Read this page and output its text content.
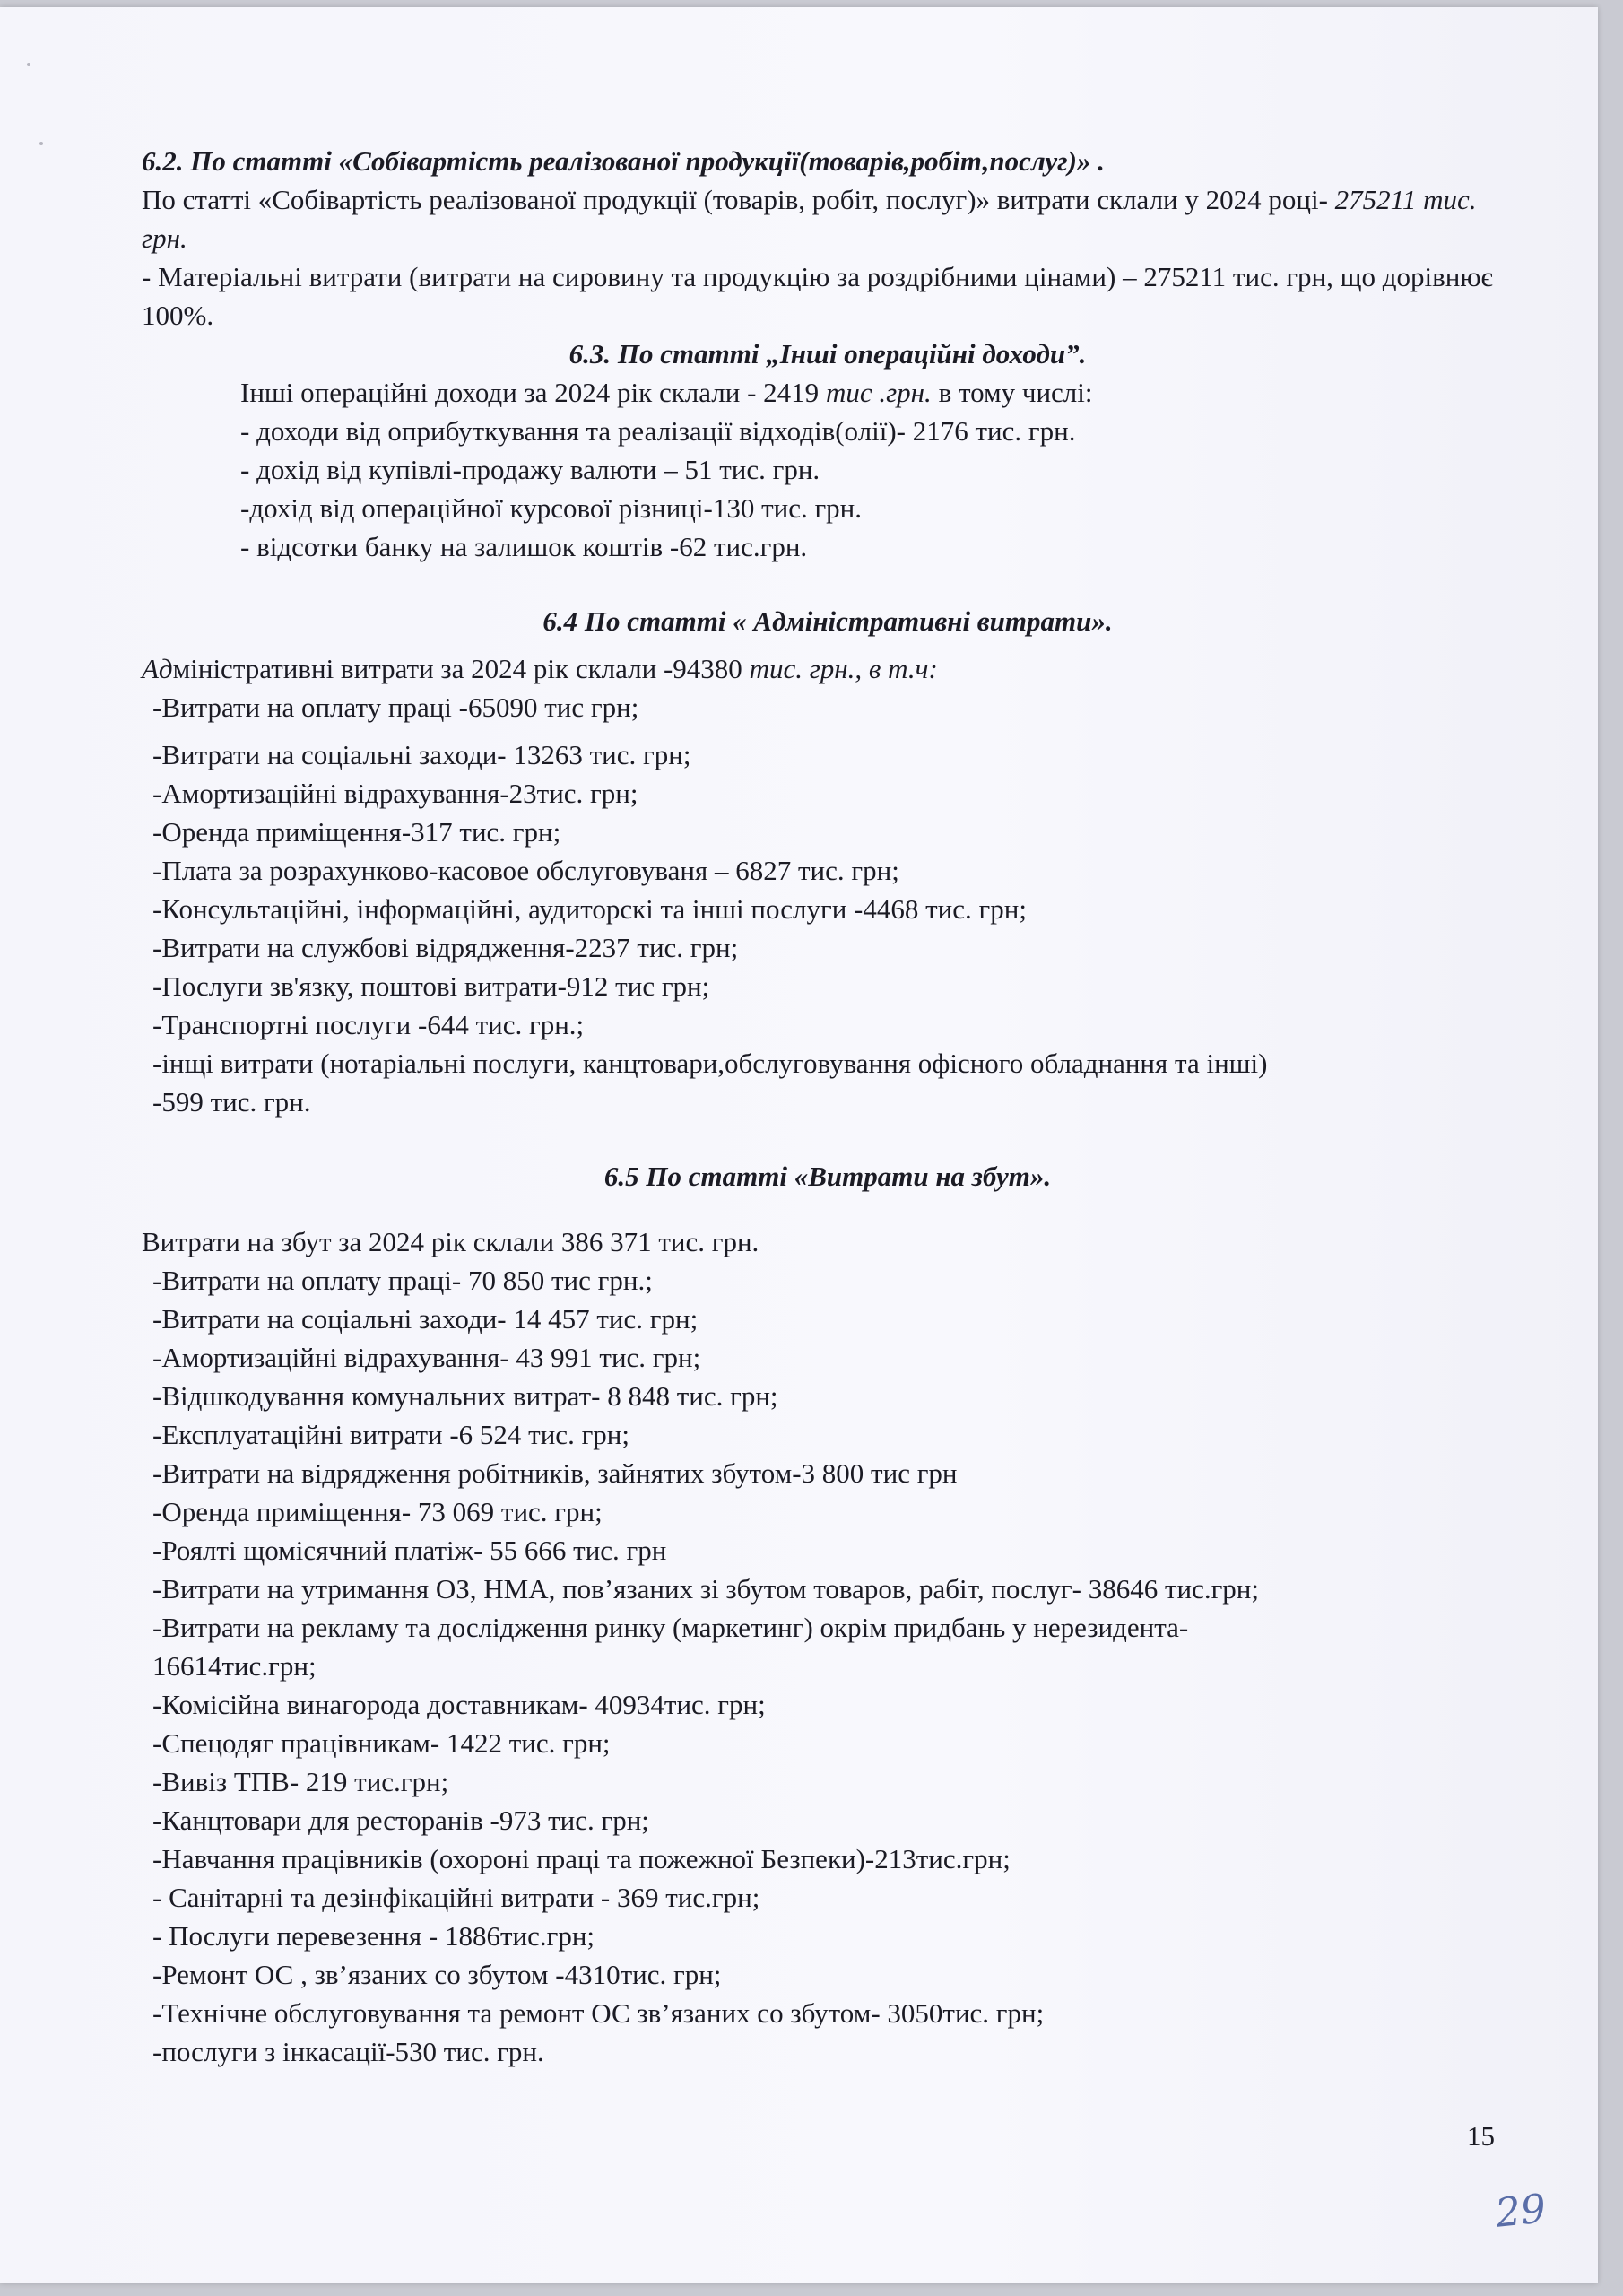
6.2. По статті «Собівартість реалізованої продукції(товарів,робіт,послуг)» .

По статті «Собівартість реалізованої продукції (товарів, робіт, послуг)» витрати склали у 2024 році- 275211 тис. грн.

- Матеріальні витрати (витрати на сировину та продукцію за роздрібними цінами) – 275211 тис. грн, що дорівнює 100%.

6.3. По статті „Інші операційні доходи”.

Інші операційні доходи за 2024 рік склали - 2419 тис .грн. в тому числі:

- доходи від оприбуткування та реалізації відходів(олії)- 2176 тис. грн.

- дохід від купівлі-продажу валюти – 51 тис. грн.

-дохід від операційної курсової різниці-130 тис. грн.

- відсотки банку на залишок коштів -62 тис.грн.

6.4 По статті « Адміністративні витрати».

Адміністративні витрати за 2024 рік склали -94380 тис. грн., в т.ч:

-Витрати на оплату праці -65090 тис грн;

-Витрати на соціальні заходи- 13263 тис. грн;

-Амортизаційні відрахування-23тис. грн;

-Оренда приміщення-317 тис. грн;

-Плата за розрахунково-касовое обслуговуваня – 6827 тис. грн;

-Консультаційні, інформаційні, аудиторскі та інші послуги -4468 тис. грн;

-Витрати на службові відрядження-2237 тис. грн;

-Послуги зв'язку, поштові витрати-912 тис грн;

-Транспортні послуги -644 тис. грн.;

-інщі витрати (нотаріальні послуги, канцтовари,обслуговування офісного обладнання та інші)

-599 тис. грн.

6.5 По статті «Витрати на збут».

Витрати на збут за 2024 рік склали 386 371 тис. грн.

-Витрати на оплату праці- 70 850 тис грн.;

-Витрати на соціальні заходи- 14 457 тис. грн;

-Амортизаційні відрахування- 43 991 тис. грн;

-Відшкодування комунальних витрат- 8 848 тис. грн;

-Експлуатаційні витрати -6 524 тис. грн;

-Витрати на відрядження робітників, зайнятих збутом-3 800 тис грн

-Оренда приміщення- 73 069 тис. грн;

-Роялті щомісячний платіж- 55 666 тис. грн

-Витрати на утримання ОЗ, НМА, пов’язаних зі збутом товаров, рабіт, послуг- 38646 тис.грн;

-Витрати на рекламу та дослідження ринку (маркетинг) окрім придбань у нерезидента-

16614тис.грн;

-Комісійна винагорода доставникам- 40934тис. грн;

-Спецодяг працівникам- 1422 тис. грн;

-Вивіз ТПВ- 219 тис.грн;

-Канцтовари для ресторанів -973 тис. грн;

-Навчання працівників (охороні праці та пожежної Безпеки)-213тис.грн;

- Санітарні та дезінфікаційні витрати - 369 тис.грн;

- Послуги перевезення - 1886тис.грн;

-Ремонт ОС , зв’язаних со збутом -4310тис. грн;

-Технічне обслуговування та ремонт ОС зв’язаних со збутом- 3050тис. грн;

-послуги з інкасації-530 тис. грн.

15
29
